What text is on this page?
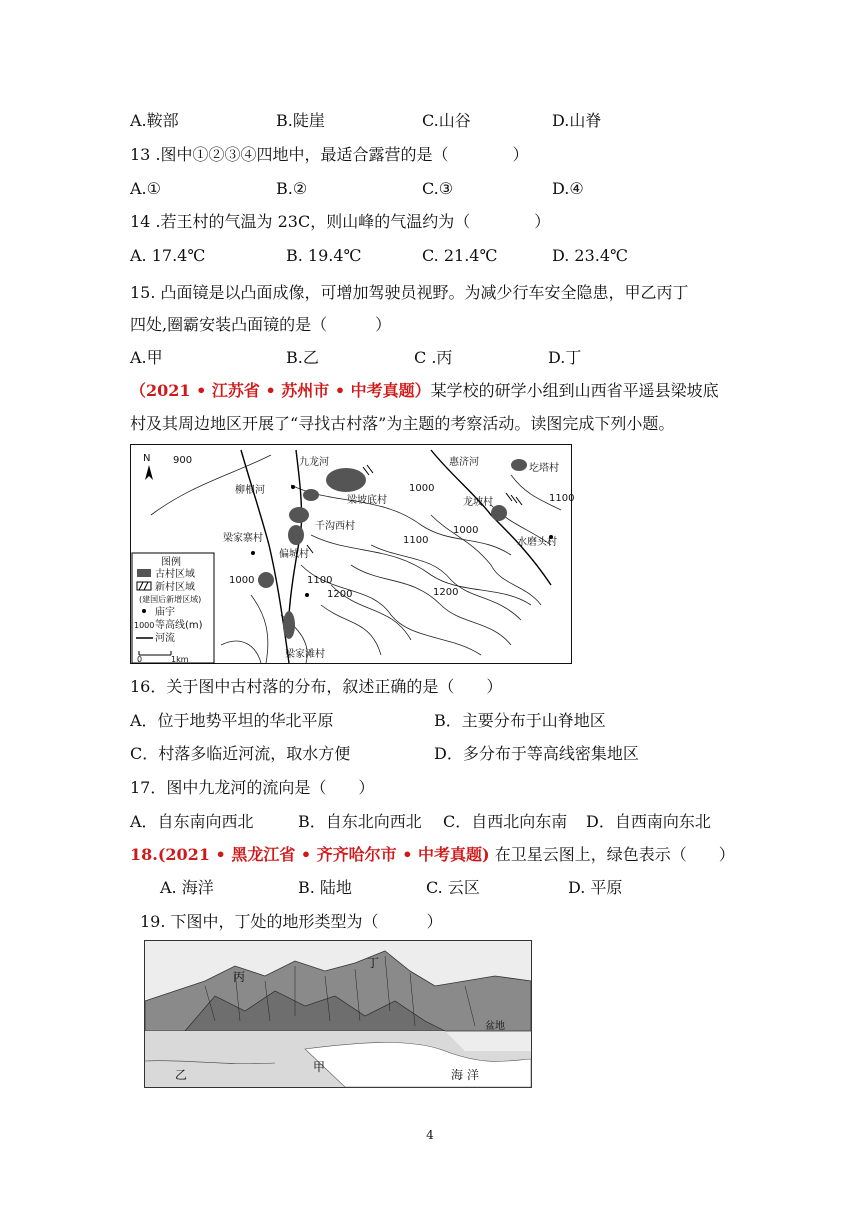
A.鞍部	B.陡崖	C.山谷	D.山脊
13 .图中①②③④四地中，最适合露营的是（　　　　）
A.①	B.②	C.③	D.④
14 .若王村的气温为 23C，则山峰的气温约为（　　　　）
A. 17.4℃	B. 19.4℃	C. 21.4℃	D. 23.4℃
15. 凸面镜是以凸面成像，可增加驾驶员视野。为减少行车安全隐患，甲乙丙丁
四处,圈霸安装凸面镜的是（　　　）
A.甲	B.乙	C .丙	D.丁
（2021 • 江苏省 • 苏州市 • 中考真题）某学校的研学小组到山西省平遥县梁坡底
村及其周边地区开展了“寻找古村落”为主题的考察活动。读图完成下列小题。
N 900
1000
1000
1000
1100
1100
1100
1200	1200
柳根河
九龙河	惠济河
梁坡底村
圪塔村
龙坡村
千沟西村
偏城村
梁家寨村	水磨头村
梁家滩村
图例
古村区域
新村区域
(建国后新增区域)
庙宇
1000 等高线(m)
河流
0	1km
16．关于图中古村落的分布，叙述正确的是（　　）
A．位于地势平坦的华北平原	B．主要分布于山脊地区
C．村落多临近河流，取水方便	D．多分布于等高线密集地区
17．图中九龙河的流向是（　　）
A．自东南向西北	B．自东北向西北 C．自西北向东南 D．自西南向东北
18.(2021 • 黑龙江省 • 齐齐哈尔市 • 中考真题) 在卫星云图上，绿色表示（　　）
A. 海洋	B. 陆地	C. 云区	D. 平原
19. 下图中，丁处的地形类型为（　　　）
丙
丁
盆地
甲
乙	海 洋
4
